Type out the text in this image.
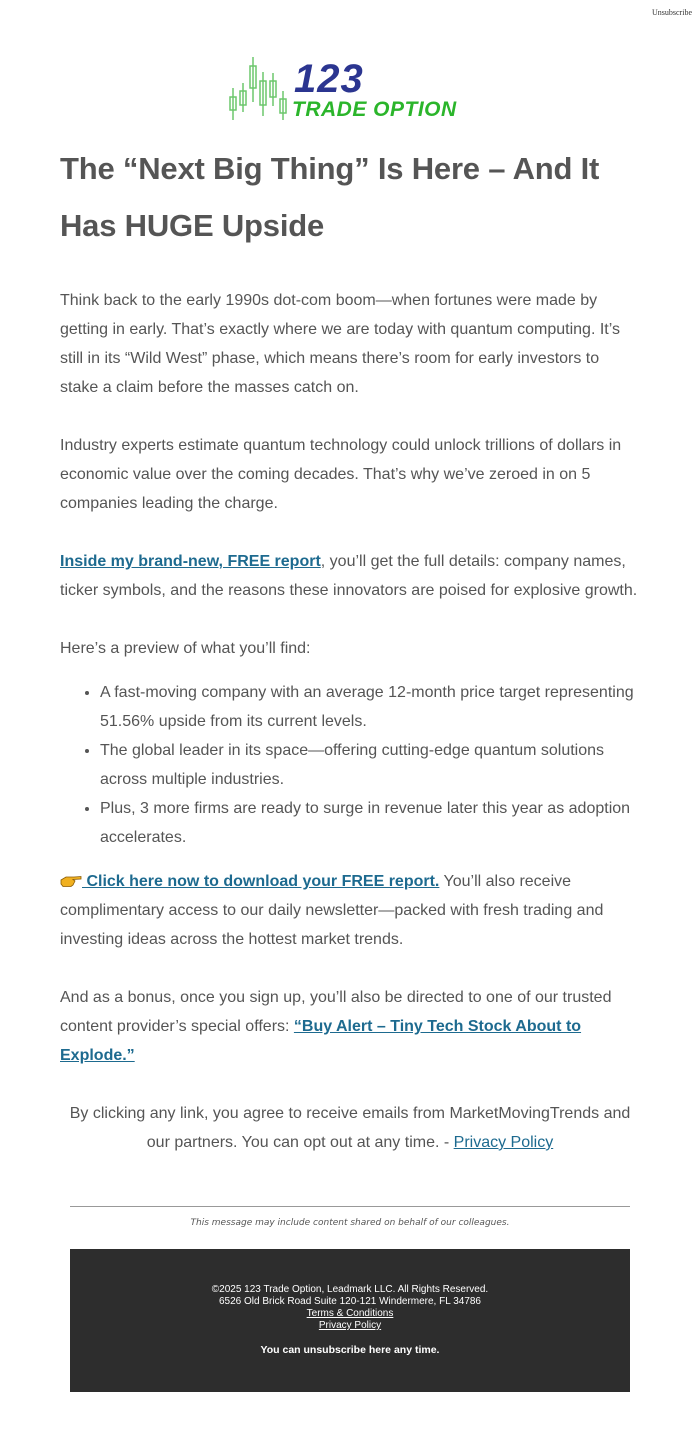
Unsubscribe
123
TRADE OPTION
The “Next Big Thing” Is Here – And It Has HUGE Upside

Think back to the early 1990s dot-com boom—when fortunes were made by getting in early. That’s exactly where we are today with quantum computing. It’s still in its “Wild West” phase, which means there’s room for early investors to stake a claim before the masses catch on.

Industry experts estimate quantum technology could unlock trillions of dollars in economic value over the coming decades. That’s why we’ve zeroed in on 5 companies leading the charge.

Inside my brand-new, FREE report, you’ll get the full details: company names, ticker symbols, and the reasons these innovators are poised for explosive growth.

Here’s a preview of what you’ll find:

• A fast-moving company with an average 12-month price target representing 51.56% upside from its current levels.
• The global leader in its space—offering cutting-edge quantum solutions across multiple industries.
• Plus, 3 more firms are ready to surge in revenue later this year as adoption accelerates.

Click here now to download your FREE report. You’ll also receive complimentary access to our daily newsletter—packed with fresh trading and investing ideas across the hottest market trends.

And as a bonus, once you sign up, you’ll also be directed to one of our trusted content provider’s special offers: “Buy Alert – Tiny Tech Stock About to Explode.”

By clicking any link, you agree to receive emails from MarketMovingTrends and our partners. You can opt out at any time. - Privacy Policy

This message may include content shared on behalf of our colleagues.
©2025 123 Trade Option, Leadmark LLC. All Rights Reserved.
6526 Old Brick Road Suite 120-121 Windermere, FL 34786
Terms & Conditions
Privacy Policy
You can unsubscribe here any time.
